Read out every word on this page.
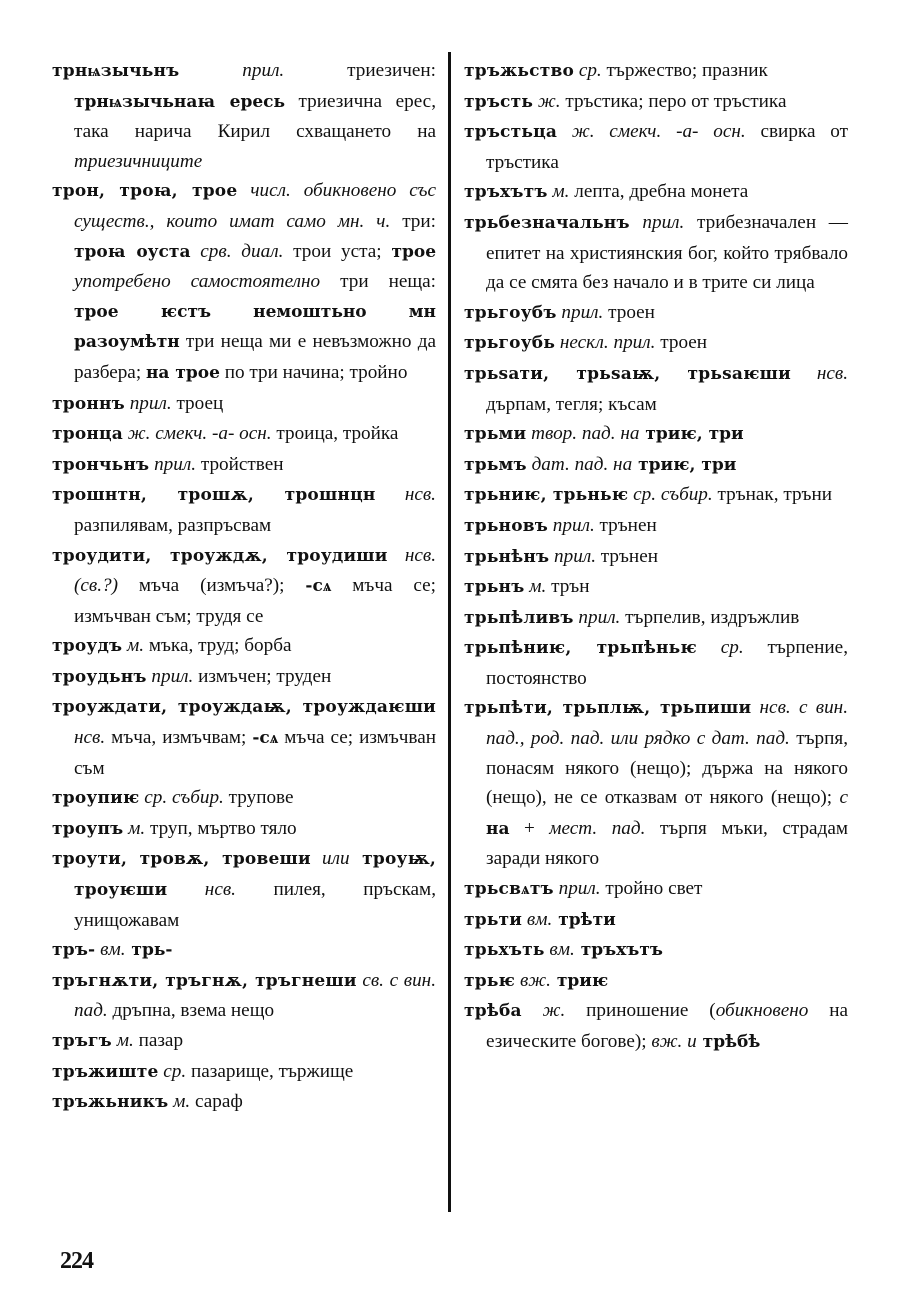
трнѩзычьнъ прил. триезичен: трнѩзычьнаꙗ ересь триезична ерес, така нарича Кирил схващането на триезичниците

трон, троꙗ, трое числ. обикновено със существ., които имат само мн. ч. три: троꙗ оуста срв. диал. трои уста; трое употребено самостоятелно три неща: трое ѥстъ немоштьно мн разоумѣтн три неща ми е невъзможно да разбера; на трое по три начина; тройно

троннъ прил. троец

тронца ж. смекч. -а- осн. троица, тройка

трончьнъ прил. тройствен

трошнтн, трошѫ, трошнцн нсв. разпилявам, разпръсвам

троудити, троуждѫ, троудиши нсв. (св.?) мъча (измъча?); -сѧ мъча се; измъчван съм; трудя се

троудъ м. мъка, труд; борба

троудьнъ прил. измъчен; труден

троуждати, троуждаѭ, троуждаѥши нсв. мъча, измъчвам; -сѧ мъча се; измъчван съм

троупиѥ ср. събир. трупове

троупъ м. труп, мъртво тяло

троути, тровѫ, тровеши или троуѭ, троуѥши нсв. пилея, пръскам, унищожавам

тръ- вм. трь-

тръгнѫти, тръгнѫ, тръгнеши св. с вин. пад. дръпна, взема нещо

тръгъ м. пазар

тръжиште ср. пазарище, тържище

тръжьникъ м. сараф

тръжьство ср. тържество; празник

тръсть ж. тръстика; перо от тръстика

тръстьца ж. смекч. -а- осн. свирка от тръстика

тръхътъ м. лепта, дребна монета

трьбезначальнъ прил. трибезначален — епитет на християнския бог, който трябвало да се смята без начало и в трите си лица

трьгоубъ прил. троен

трьгоубь нескл. прил. троен

трьѕати, трьѕаѭ, трьѕаѥши нсв. дърпам, тегля; късам

трьми твор. пад. на триѥ, три

трьмъ дат. пад. на триѥ, три

трьниѥ, трьньѥ ср. събир. трънак, тръни

трьновъ прил. трънен

трьнѣнъ прил. трънен

трьнъ м. трън

трьпѣливъ прил. търпелив, издръжлив

трьпѣниѥ, трьпѣньѥ ср. търпение, постоянство

трьпѣти, трьплѭ, трьпиши нсв. с вин. пад., род. пад. или рядко с дат. пад. търпя, понасям някого (нещо); държа на някого (нещо), не се отказвам от някого (нещо); с на + мест. пад. търпя мъки, страдам заради някого

трьсвѧтъ прил. тройно свет

трьти вм. трѣти

трьхъть вм. тръхътъ

трьѥ вж. триѥ

трѣба ж. приношение (обикновено на езическите богове); вж. и трѣбѣ

224
